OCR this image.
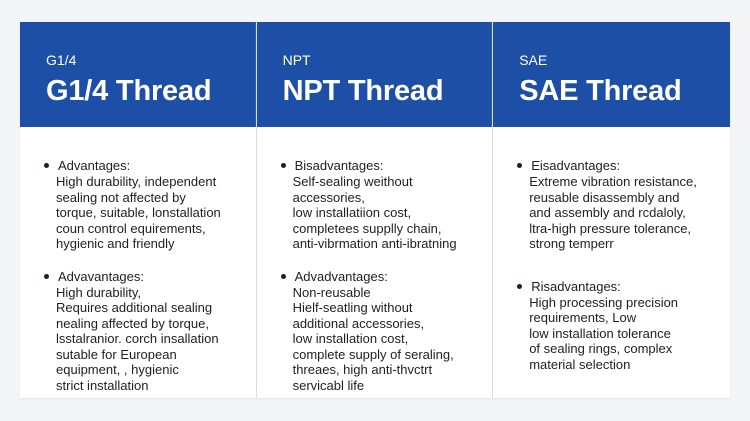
G1/4
G1/4 Thread
Advantages:
High durability, independent
sealing not affected by
torque, suitable, lonstallation
coun control equirements,
hygienic and friendly
Advavantages:
High durability,
Requires additional sealing
nealing affected by torque,
lsstalranior. corch insallation
sutable for European
equipment, , hygienic
strict installation
NPT
NPT Thread
Bisadvantages:
Self-sealing weithout
accessories,
low installatiion cost,
completees supplly chain,
anti-vibrmation anti-ibratning
Advadvantages:
Non-reusable
Hielf-seatling without
additional accessories,
low installation cost,
complete supply of seraling,
threaes, high anti-thvctrt
servicabl life
SAE
SAE Thread
Eisadvantages:
Extreme vibration resistance,
reusable disassembly and
and assembly and rcdaloly,
ltra-high pressure tolerance,
strong temperr
Risadvantages:
High processing precision
requirements, Low
low installation tolerance
of sealing rings, complex
material selection
